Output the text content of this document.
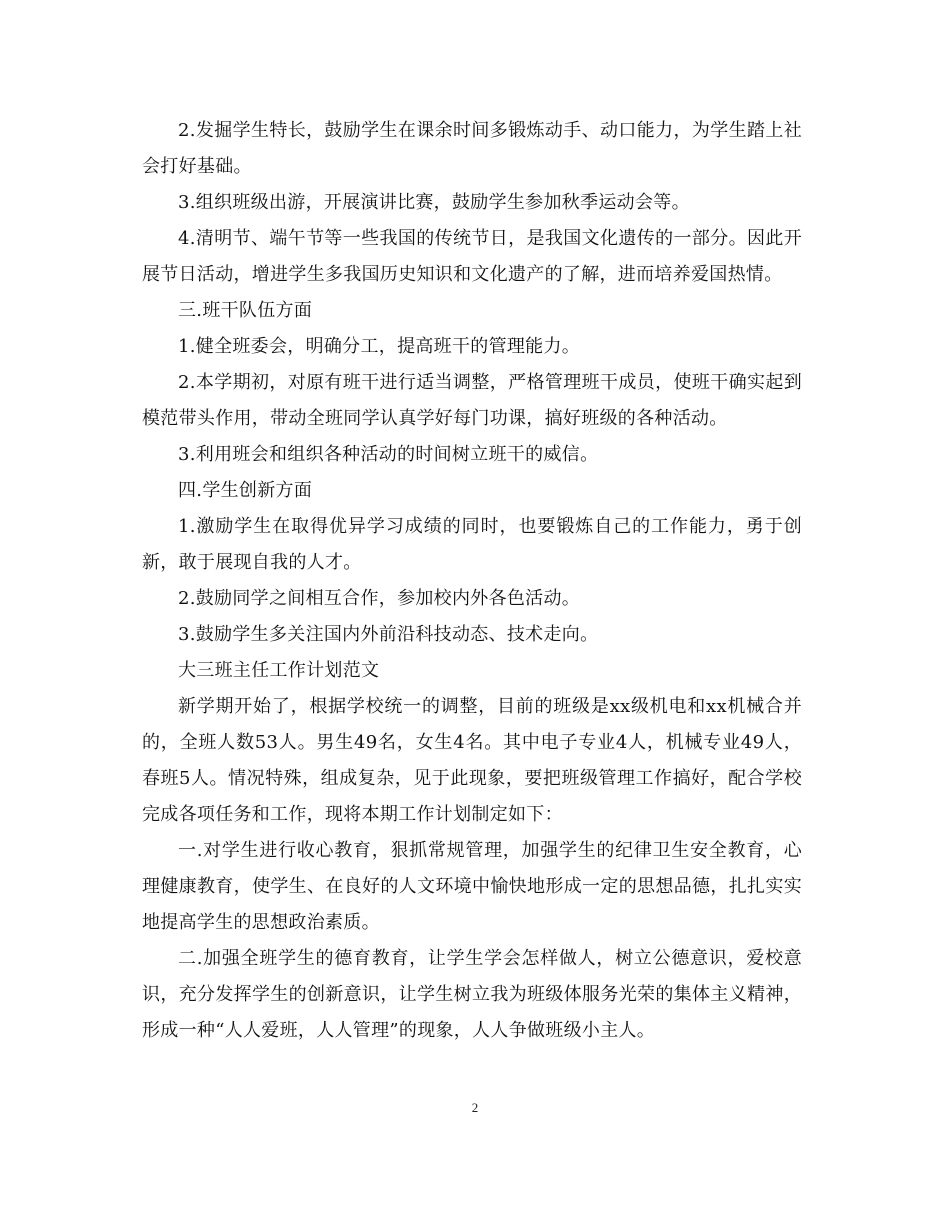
2.发掘学生特长，鼓励学生在课余时间多锻炼动手、动口能力，为学生踏上社会打好基础。

3.组织班级出游，开展演讲比赛，鼓励学生参加秋季运动会等。

4.清明节、端午节等一些我国的传统节日，是我国文化遗传的一部分。因此开展节日活动，增进学生多我国历史知识和文化遗产的了解，进而培养爱国热情。

三.班干队伍方面

1.健全班委会，明确分工，提高班干的管理能力。

2.本学期初，对原有班干进行适当调整，严格管理班干成员，使班干确实起到模范带头作用，带动全班同学认真学好每门功课，搞好班级的各种活动。

3.利用班会和组织各种活动的时间树立班干的威信。

四.学生创新方面

1.激励学生在取得优异学习成绩的同时，也要锻炼自己的工作能力，勇于创新，敢于展现自我的人才。

2.鼓励同学之间相互合作，参加校内外各色活动。

3.鼓励学生多关注国内外前沿科技动态、技术走向。

大三班主任工作计划范文

新学期开始了，根据学校统一的调整，目前的班级是xx级机电和xx机械合并的，全班人数53人。男生49名，女生4名。其中电子专业4人，机械专业49人，春班5人。情况特殊，组成复杂，见于此现象，要把班级管理工作搞好，配合学校完成各项任务和工作，现将本期工作计划制定如下：

一.对学生进行收心教育，狠抓常规管理，加强学生的纪律卫生安全教育，心理健康教育，使学生、在良好的人文环境中愉快地形成一定的思想品德，扎扎实实地提高学生的思想政治素质。

二.加强全班学生的德育教育，让学生学会怎样做人，树立公德意识，爱校意识，充分发挥学生的创新意识，让学生树立我为班级体服务光荣的集体主义精神，形成一种“人人爱班，人人管理”的现象，人人争做班级小主人。

2
